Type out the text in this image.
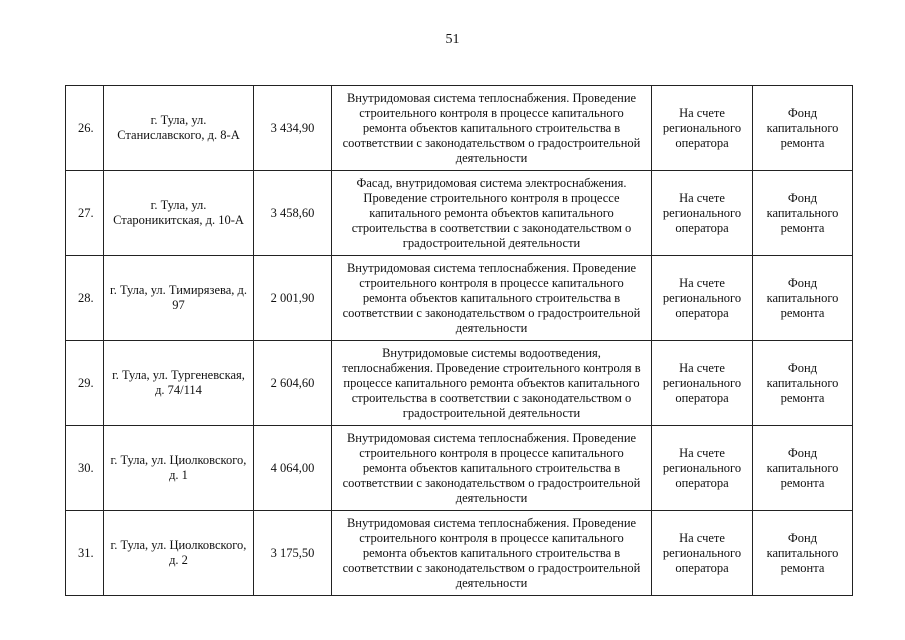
51
26.	г. Тула, ул. Станиславского, д. 8-А	3 434,90	Внутридомовая система теплоснабжения. Проведение строительного контроля в процессе капитального ремонта объектов капитального строительства в соответствии с законодательством о градостроительной деятельности	На счете регионального оператора	Фонд капитального ремонта
27.	г. Тула, ул. Староникитская, д. 10-А	3 458,60	Фасад, внутридомовая система электроснабжения. Проведение строительного контроля в процессе капитального ремонта объектов капитального строительства в соответствии с законодательством о градостроительной деятельности	На счете регионального оператора	Фонд капитального ремонта
28.	г. Тула, ул. Тимирязева, д. 97	2 001,90	Внутридомовая система теплоснабжения. Проведение строительного контроля в процессе капитального ремонта объектов капитального строительства в соответствии с законодательством о градостроительной деятельности	На счете регионального оператора	Фонд капитального ремонта
29.	г. Тула, ул. Тургеневская, д. 74/114	2 604,60	Внутридомовые системы водоотведения, теплоснабжения. Проведение строительного контроля в процессе капитального ремонта объектов капитального строительства в соответствии с законодательством о градостроительной деятельности	На счете регионального оператора	Фонд капитального ремонта
30.	г. Тула, ул. Циолковского, д. 1	4 064,00	Внутридомовая система теплоснабжения. Проведение строительного контроля в процессе капитального ремонта объектов капитального строительства в соответствии с законодательством о градостроительной деятельности	На счете регионального оператора	Фонд капитального ремонта
31.	г. Тула, ул. Циолковского, д. 2	3 175,50	Внутридомовая система теплоснабжения. Проведение строительного контроля в процессе капитального ремонта объектов капитального строительства в соответствии с законодательством о градостроительной деятельности	На счете регионального оператора	Фонд капитального ремонта
